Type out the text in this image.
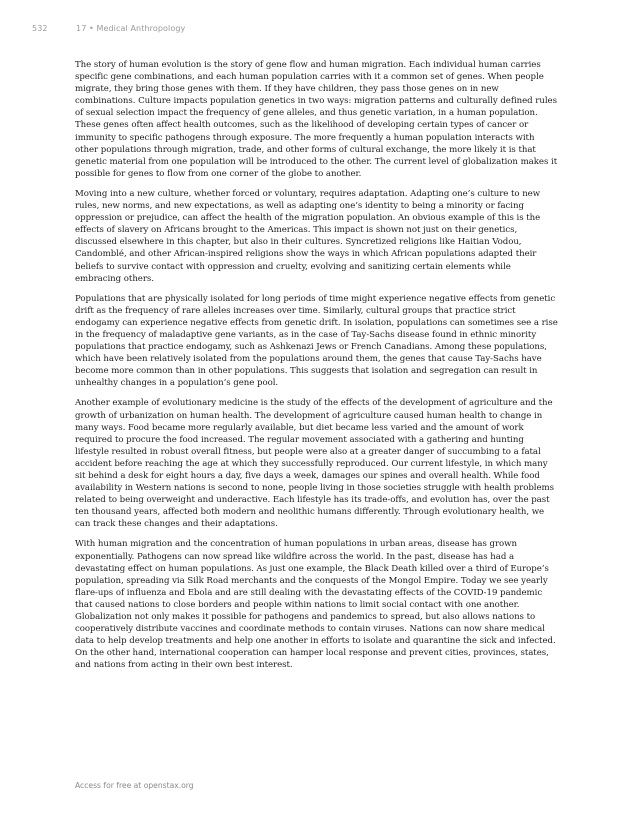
532	17 • Medical Anthropology

The story of human evolution is the story of gene flow and human migration. Each individual human carries specific gene combinations, and each human population carries with it a common set of genes. When people migrate, they bring those genes with them. If they have children, they pass those genes on in new combinations. Culture impacts population genetics in two ways: migration patterns and culturally defined rules of sexual selection impact the frequency of gene alleles, and thus genetic variation, in a human population. These genes often affect health outcomes, such as the likelihood of developing certain types of cancer or immunity to specific pathogens through exposure. The more frequently a human population interacts with other populations through migration, trade, and other forms of cultural exchange, the more likely it is that genetic material from one population will be introduced to the other. The current level of globalization makes it possible for genes to flow from one corner of the globe to another.

Moving into a new culture, whether forced or voluntary, requires adaptation. Adapting one’s culture to new rules, new norms, and new expectations, as well as adapting one’s identity to being a minority or facing oppression or prejudice, can affect the health of the migration population. An obvious example of this is the effects of slavery on Africans brought to the Americas. This impact is shown not just on their genetics, discussed elsewhere in this chapter, but also in their cultures. Syncretized religions like Haitian Vodou, Candomblé, and other African-inspired religions show the ways in which African populations adapted their beliefs to survive contact with oppression and cruelty, evolving and sanitizing certain elements while embracing others.

Populations that are physically isolated for long periods of time might experience negative effects from genetic drift as the frequency of rare alleles increases over time. Similarly, cultural groups that practice strict endogamy can experience negative effects from genetic drift. In isolation, populations can sometimes see a rise in the frequency of maladaptive gene variants, as in the case of Tay-Sachs disease found in ethnic minority populations that practice endogamy, such as Ashkenazi Jews or French Canadians. Among these populations, which have been relatively isolated from the populations around them, the genes that cause Tay-Sachs have become more common than in other populations. This suggests that isolation and segregation can result in unhealthy changes in a population’s gene pool.

Another example of evolutionary medicine is the study of the effects of the development of agriculture and the growth of urbanization on human health. The development of agriculture caused human health to change in many ways. Food became more regularly available, but diet became less varied and the amount of work required to procure the food increased. The regular movement associated with a gathering and hunting lifestyle resulted in robust overall fitness, but people were also at a greater danger of succumbing to a fatal accident before reaching the age at which they successfully reproduced. Our current lifestyle, in which many sit behind a desk for eight hours a day, five days a week, damages our spines and overall health. While food availability in Western nations is second to none, people living in those societies struggle with health problems related to being overweight and underactive. Each lifestyle has its trade-offs, and evolution has, over the past ten thousand years, affected both modern and neolithic humans differently. Through evolutionary health, we can track these changes and their adaptations.

With human migration and the concentration of human populations in urban areas, disease has grown exponentially. Pathogens can now spread like wildfire across the world. In the past, disease has had a devastating effect on human populations. As just one example, the Black Death killed over a third of Europe’s population, spreading via Silk Road merchants and the conquests of the Mongol Empire. Today we see yearly flare-ups of influenza and Ebola and are still dealing with the devastating effects of the COVID-19 pandemic that caused nations to close borders and people within nations to limit social contact with one another. Globalization not only makes it possible for pathogens and pandemics to spread, but also allows nations to cooperatively distribute vaccines and coordinate methods to contain viruses. Nations can now share medical data to help develop treatments and help one another in efforts to isolate and quarantine the sick and infected. On the other hand, international cooperation can hamper local response and prevent cities, provinces, states, and nations from acting in their own best interest.

Access for free at openstax.org
